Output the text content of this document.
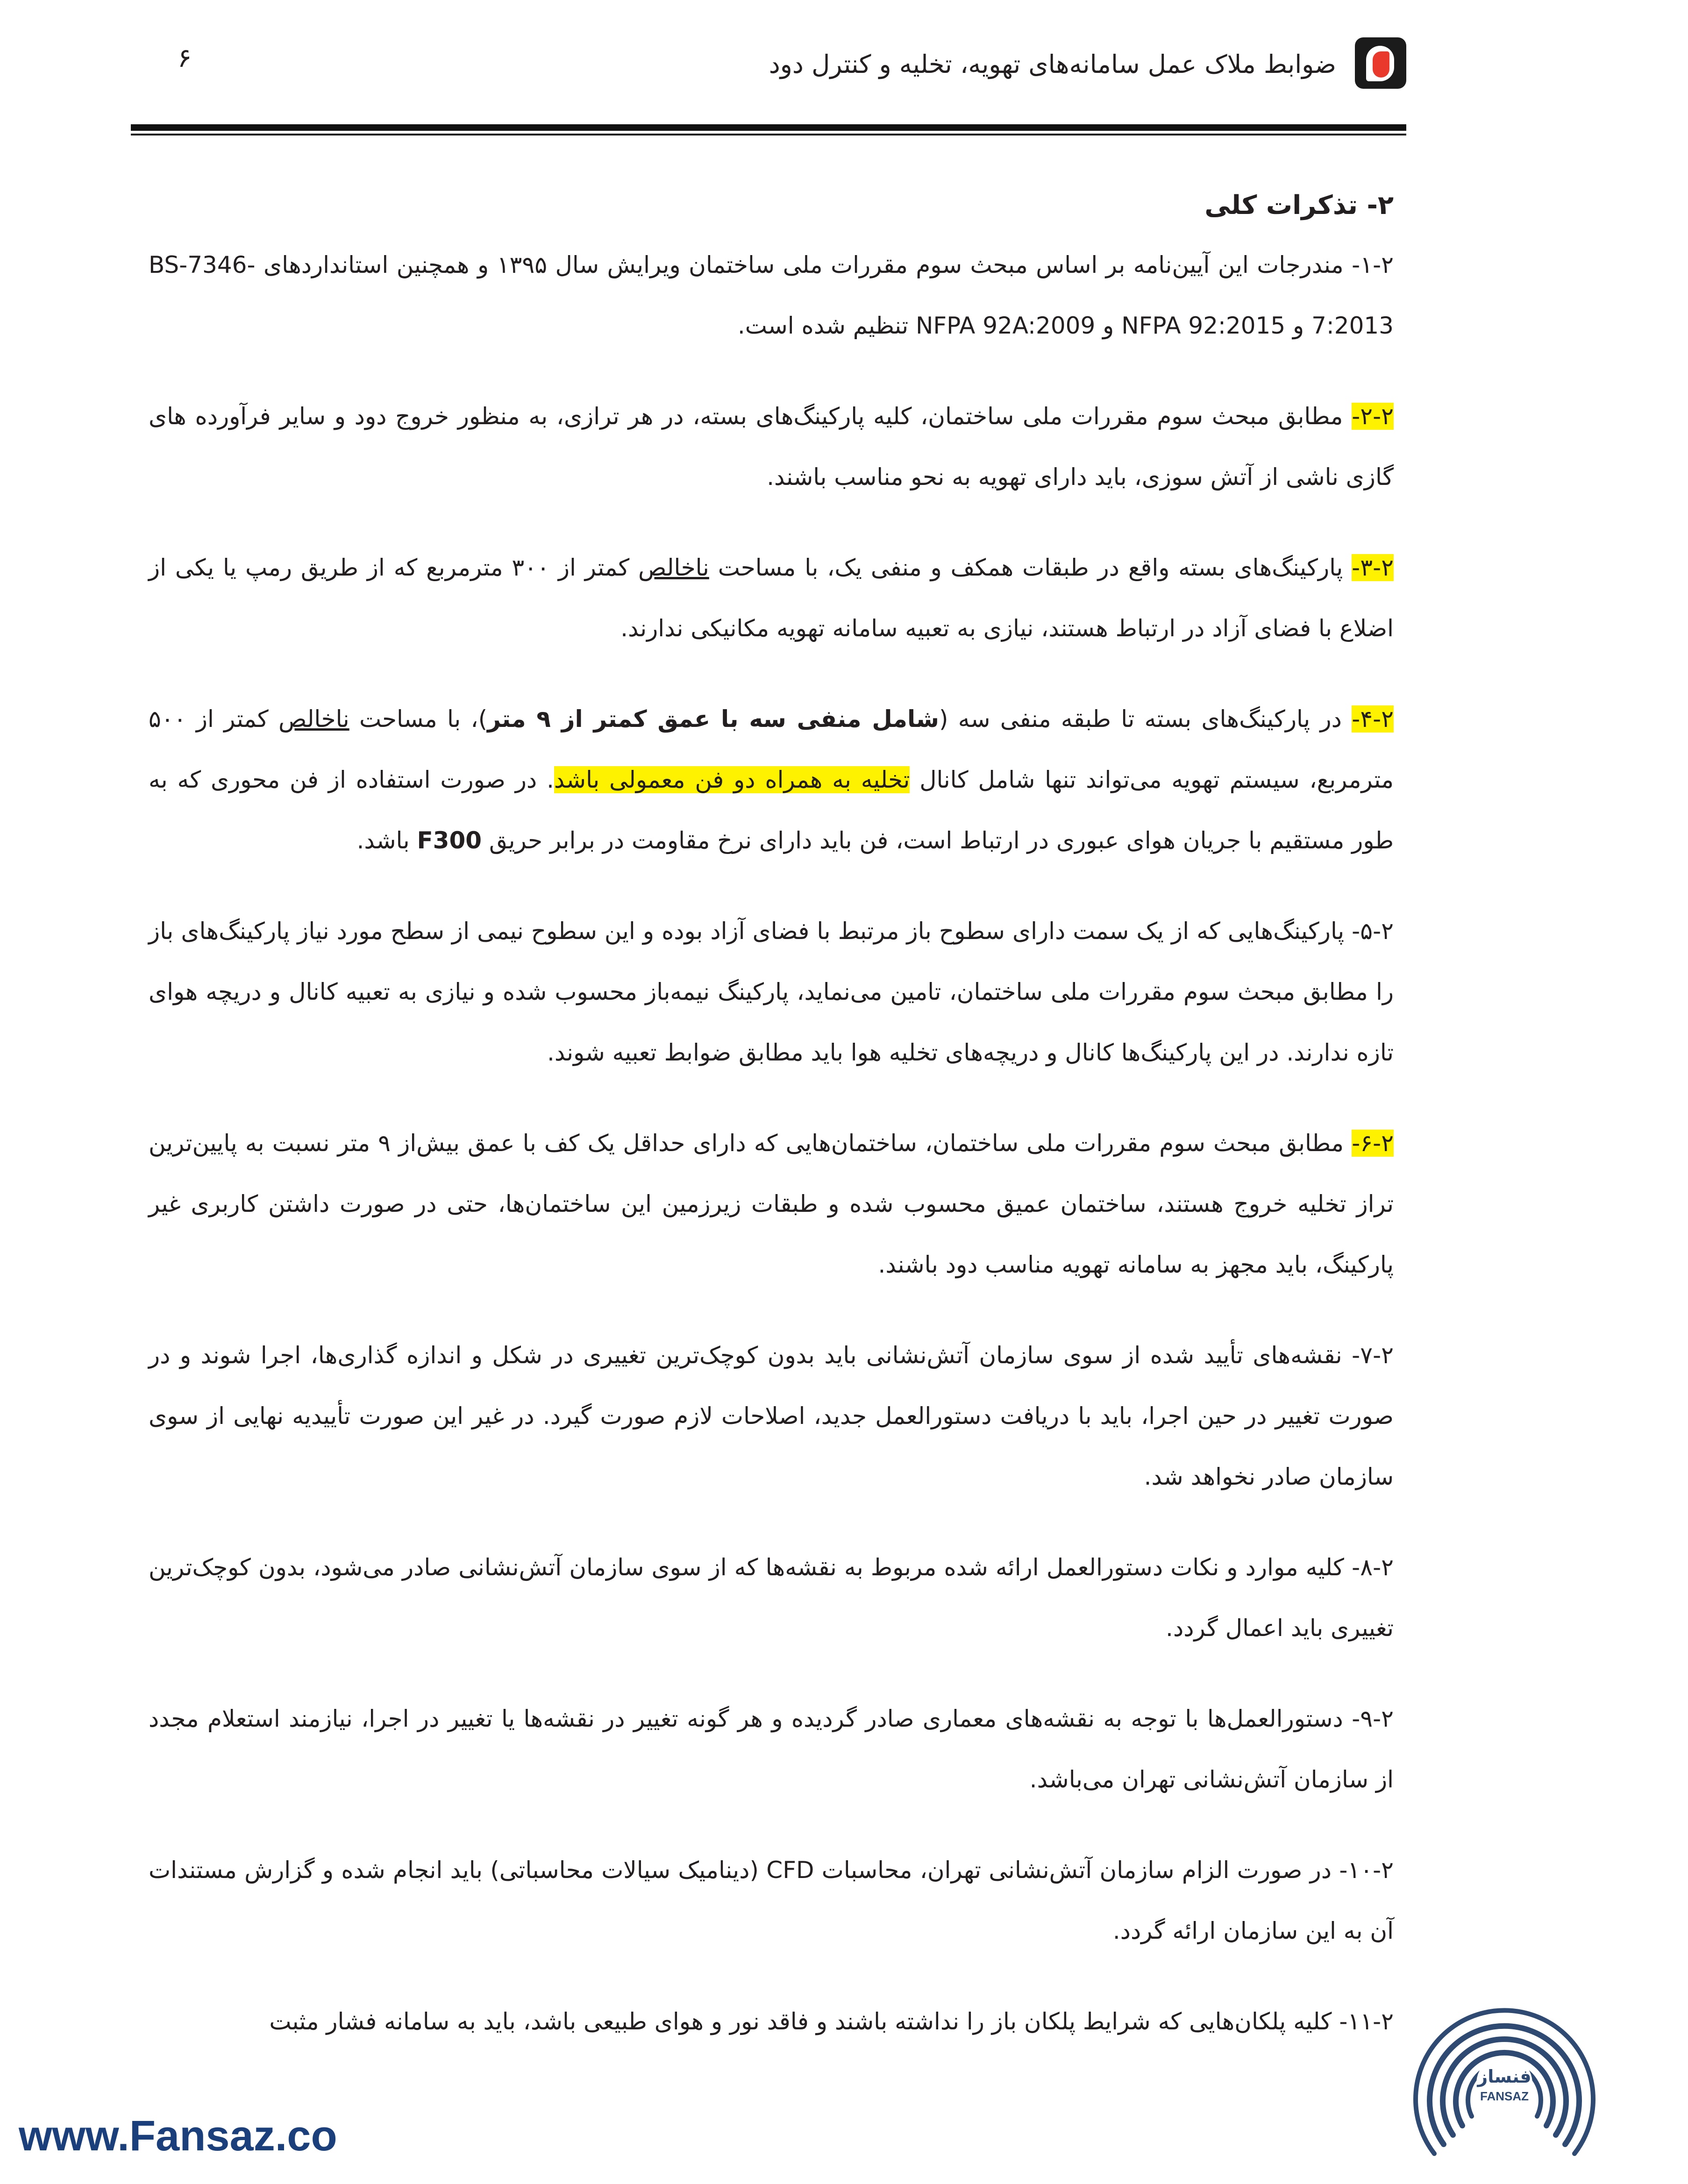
ضوابط ملاک عمل سامانه‌های تهویه، تخلیه و کنترل دود
۶
۲- تذکرات کلی

۱-۲- مندرجات این آیین‌نامه بر اساس مبحث سوم مقررات ملی ساختمان ویرایش سال ۱۳۹۵ و همچنین استانداردهای BS-7346-7:2013 و NFPA 92:2015 و NFPA 92A:2009 تنظیم شده است.

۲-۲- مطابق مبحث سوم مقررات ملی ساختمان، کلیه پارکینگ‌های بسته، در هر ترازی، به منظور خروج دود و سایر فرآورده های گازی ناشی از آتش سوزی، باید دارای تهویه به نحو مناسب باشند.

۳-۲- پارکینگ‌های بسته واقع در طبقات همکف و منفی یک، با مساحت ناخالص کمتر از ۳۰۰ مترمربع که از طریق رمپ یا یکی از اضلاع با فضای آزاد در ارتباط هستند، نیازی به تعبیه سامانه تهویه مکانیکی ندارند.

۴-۲- در پارکینگ‌های بسته تا طبقه منفی سه (شامل منفی سه با عمق کمتر از ۹ متر)، با مساحت ناخالص کمتر از ۵۰۰ مترمربع، سیستم تهویه می‌تواند تنها شامل کانال تخلیه به همراه دو فن معمولی باشد. در صورت استفاده از فن محوری که به طور مستقیم با جریان هوای عبوری در ارتباط است، فن باید دارای نرخ مقاومت در برابر حریق F300 باشد.

۵-۲- پارکینگ‌هایی که از یک سمت دارای سطوح باز مرتبط با فضای آزاد بوده و این سطوح نیمی از سطح مورد نیاز پارکینگ‌های باز را مطابق مبحث سوم مقررات ملی ساختمان، تامین می‌نماید، پارکینگ نیمه‌باز محسوب شده و نیازی به تعبیه کانال و دریچه هوای تازه ندارند. در این پارکینگ‌ها کانال و دریچه‌های تخلیه هوا باید مطابق ضوابط تعبیه شوند.

۶-۲- مطابق مبحث سوم مقررات ملی ساختمان، ساختمان‌هایی که دارای حداقل یک کف با عمق بیش‌از ۹ متر نسبت به پایین‌ترین تراز تخلیه خروج هستند، ساختمان عمیق محسوب شده و طبقات زیرزمین این ساختمان‌ها، حتی در صورت داشتن کاربری غیر پارکینگ، باید مجهز به سامانه تهویه مناسب دود باشند.

۷-۲- نقشه‌های تأیید شده از سوی سازمان آتش‌نشانی باید بدون کوچک‌ترین تغییری در شکل و اندازه گذاری‌ها، اجرا شوند و در صورت تغییر در حین اجرا، باید با دریافت دستورالعمل جدید، اصلاحات لازم صورت گیرد. در غیر این صورت تأییدیه نهایی از سوی سازمان صادر نخواهد شد.

۸-۲- کلیه موارد و نکات دستورالعمل ارائه شده مربوط به نقشه‌ها که از سوی سازمان آتش‌نشانی صادر می‌شود، بدون کوچک‌ترین تغییری باید اعمال گردد.

۹-۲- دستورالعمل‌ها با توجه به نقشه‌های معماری صادر گردیده و هر گونه تغییر در نقشه‌ها یا تغییر در اجرا، نیازمند استعلام مجدد از سازمان آتش‌نشانی تهران می‌باشد.

۱۰-۲- در صورت الزام سازمان آتش‌نشانی تهران، محاسبات CFD (دینامیک سیالات محاسباتی) باید انجام شده و گزارش مستندات آن به این سازمان ارائه گردد.

۱۱-۲- کلیه پلکان‌هایی که شرایط پلکان باز را نداشته باشند و فاقد نور و هوای طبیعی باشد، باید به سامانه فشار مثبت

www.Fansaz.co
فنساز
FANSAZ
